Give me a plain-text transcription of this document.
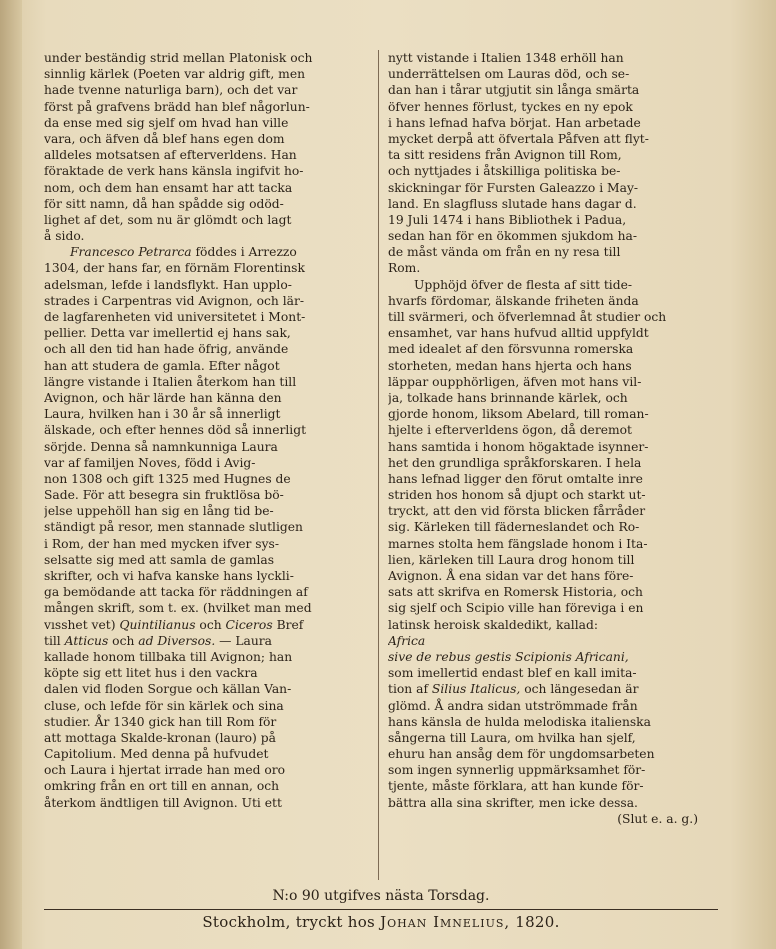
under beständig strid mellan Platonisk och
sinnlig kärlek (Poeten var aldrig gift, men
hade tvenne naturliga barn), och det var
först på grafvens brädd han blef någorlun-
da ense med sig sjelf om hvad han ville
vara, och äfven då blef hans egen dom
alldeles motsatsen af efterverldens. Han
föraktade de verk hans känsla ingifvit ho-
nom, och dem han ensamt har att tacka
för sitt namn, då han spådde sig odöd-
lighet af det, som nu är glömdt och lagt
å sido.
Francesco Petrarca föddes i Arrezzo
1304, der hans far, en förnäm Florentinsk
adelsman, lefde i landsflykt. Han upplo-
strades i Carpentras vid Avignon, och lär-
de lagfarenheten vid universitetet i Mont-
pellier. Detta var imellertid ej hans sak,
och all den tid han hade öfrig, använde
han att studera de gamla. Efter något
längre vistande i Italien återkom han till
Avignon, och här lärde han känna den
Laura, hvilken han i 30 år så innerligt
älskade, och efter hennes död så innerligt
sörjde. Denna så namnkunniga Laura
var af familjen Noves, född i Avig-
non 1308 och gift 1325 med Hugnes de
Sade. För att besegra sin fruktlösa bö-
jelse uppehöll han sig en lång tid be-
ständigt på resor, men stannade slutligen
i Rom, der han med mycken ifver sys-
selsatte sig med att samla de gamlas
skrifter, och vi hafva kanske hans lyckli-
ga bemödande att tacka för räddningen af
mången skrift, som t. ex. (hvilket man med
vısshet vet) Quintilianus och Ciceros Bref
till Atticus och ad Diversos. — Laura
kallade honom tillbaka till Avignon; han
köpte sig ett litet hus i den vackra
dalen vid floden Sorgue och källan Van-
cluse, och lefde för sin kärlek och sina
studier. År 1340 gick han till Rom för
att mottaga Skalde-kronan (lauro) på
Capitolium. Med denna på hufvudet
och Laura i hjertat irrade han med oro
omkring från en ort till en annan, och
återkom ändtligen till Avignon. Uti ett
nytt vistande i Italien 1348 erhöll han
underrättelsen om Lauras död, och se-
dan han i tårar utgjutit sin långa smärta
öfver hennes förlust, tyckes en ny epok
i hans lefnad hafva börjat. Han arbetade
mycket derpå att öfvertala Påfven att flyt-
ta sitt residens från Avignon till Rom,
och nyttjades i åtskilliga politiska be-
skickningar för Fursten Galeazzo i May-
land. En slagfluss slutade hans dagar d.
19 Juli 1474 i hans Bibliothek i Padua,
sedan han för en ökommen sjukdom ha-
de måst vända om från en ny resa till
Rom.
Upphöjd öfver de flesta af sitt tide-
hvarfs fördomar, älskande friheten ända
till svärmeri, och öfverlemnad åt studier och
ensamhet, var hans hufvud alltid uppfyldt
med idealet af den försvunna romerska
storheten, medan hans hjerta och hans
läppar oupphörligen, äfven mot hans vil-
ja, tolkade hans brinnande kärlek, och
gjorde honom, liksom Abelard, till roman-
hjelte i efterverldens ögon, då deremot
hans samtida i honom högaktade isynner-
het den grundliga språkforskaren. I hela
hans lefnad ligger den förut omtalte inre
striden hos honom så djupt och starkt ut-
tryckt, att den vid första blicken fårråder
sig. Kärleken till fäderneslandet och Ro-
marnes stolta hem fängslade honom i Ita-
lien, kärleken till Laura drog honom till
Avignon. Å ena sidan var det hans före-
sats att skrifva en Romersk Historia, och
sig sjelf och Scipio ville han föreviga i en
latinsk heroisk skaldedikt, kallad:
Africa
sive de rebus gestis Scipionis Africani,
som imellertid endast blef en kall imita-
tion af Silius Italicus, och längesedan är
glömd. Å andra sidan utströmmade från
hans känsla de hulda melodiska italienska
sångerna till Laura, om hvilka han sjelf,
ehuru han ansåg dem för ungdomsarbeten
som ingen synnerlig uppmärksamhet för-
tjente, måste förklara, att han kunde för-
bättra alla sina skrifter, men icke dessa.
(Slut e. a. g.)
N:o 90 utgifves nästa Torsdag.
Stockholm, tryckt hos Johan Imnelius, 1820.
